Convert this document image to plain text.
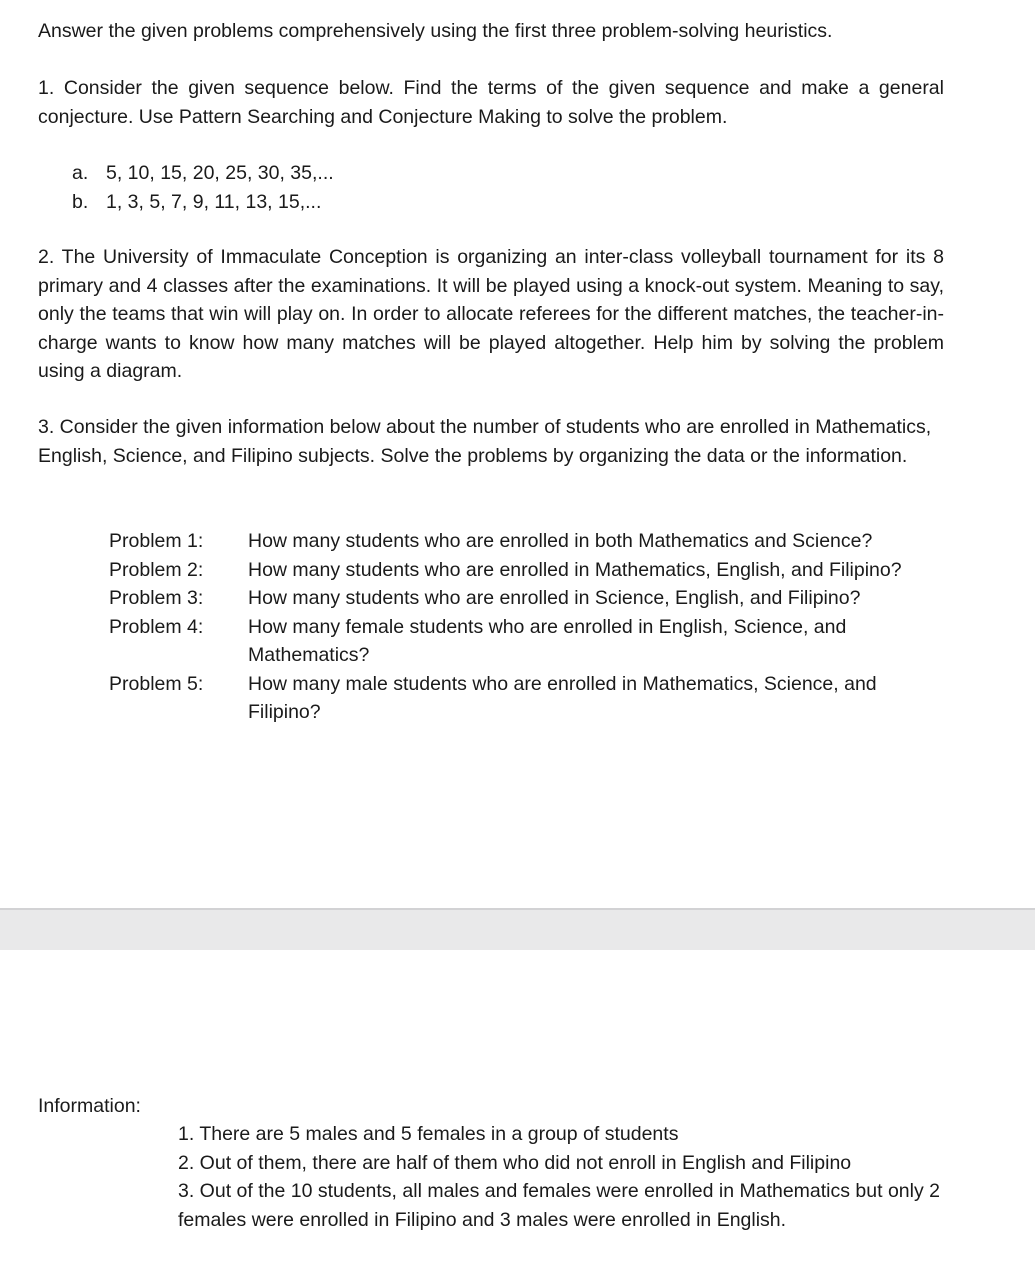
Answer the given problems comprehensively using the first three problem-solving heuristics.

1. Consider the given sequence below. Find the terms of the given sequence and make a general conjecture. Use Pattern Searching and Conjecture Making to solve the problem.

a. 5, 10, 15, 20, 25, 30, 35,...
b. 1, 3, 5, 7, 9, 11, 13, 15,...

2. The University of Immaculate Conception is organizing an inter-class volleyball tournament for its 8 primary and 4 classes after the examinations. It will be played using a knock-out system. Meaning to say, only the teams that win will play on. In order to allocate referees for the different matches, the teacher-in-charge wants to know how many matches will be played altogether. Help him by solving the problem using a diagram.

3. Consider the given information below about the number of students who are enrolled in Mathematics, English, Science, and Filipino subjects. Solve the problems by organizing the data or the information.

Problem 1:	How many students who are enrolled in both Mathematics and Science?
Problem 2:	How many students who are enrolled in Mathematics, English, and Filipino?
Problem 3:	How many students who are enrolled in Science, English, and Filipino?
Problem 4:	How many female students who are enrolled in English, Science, and Mathematics?
Problem 5:	How many male students who are enrolled in Mathematics, Science, and Filipino?
Information:
1. There are 5 males and 5 females in a group of students
2. Out of them, there are half of them who did not enroll in English and Filipino
3. Out of the 10 students, all males and females were enrolled in Mathematics but only 2 females were enrolled in Filipino and 3 males were enrolled in English.
